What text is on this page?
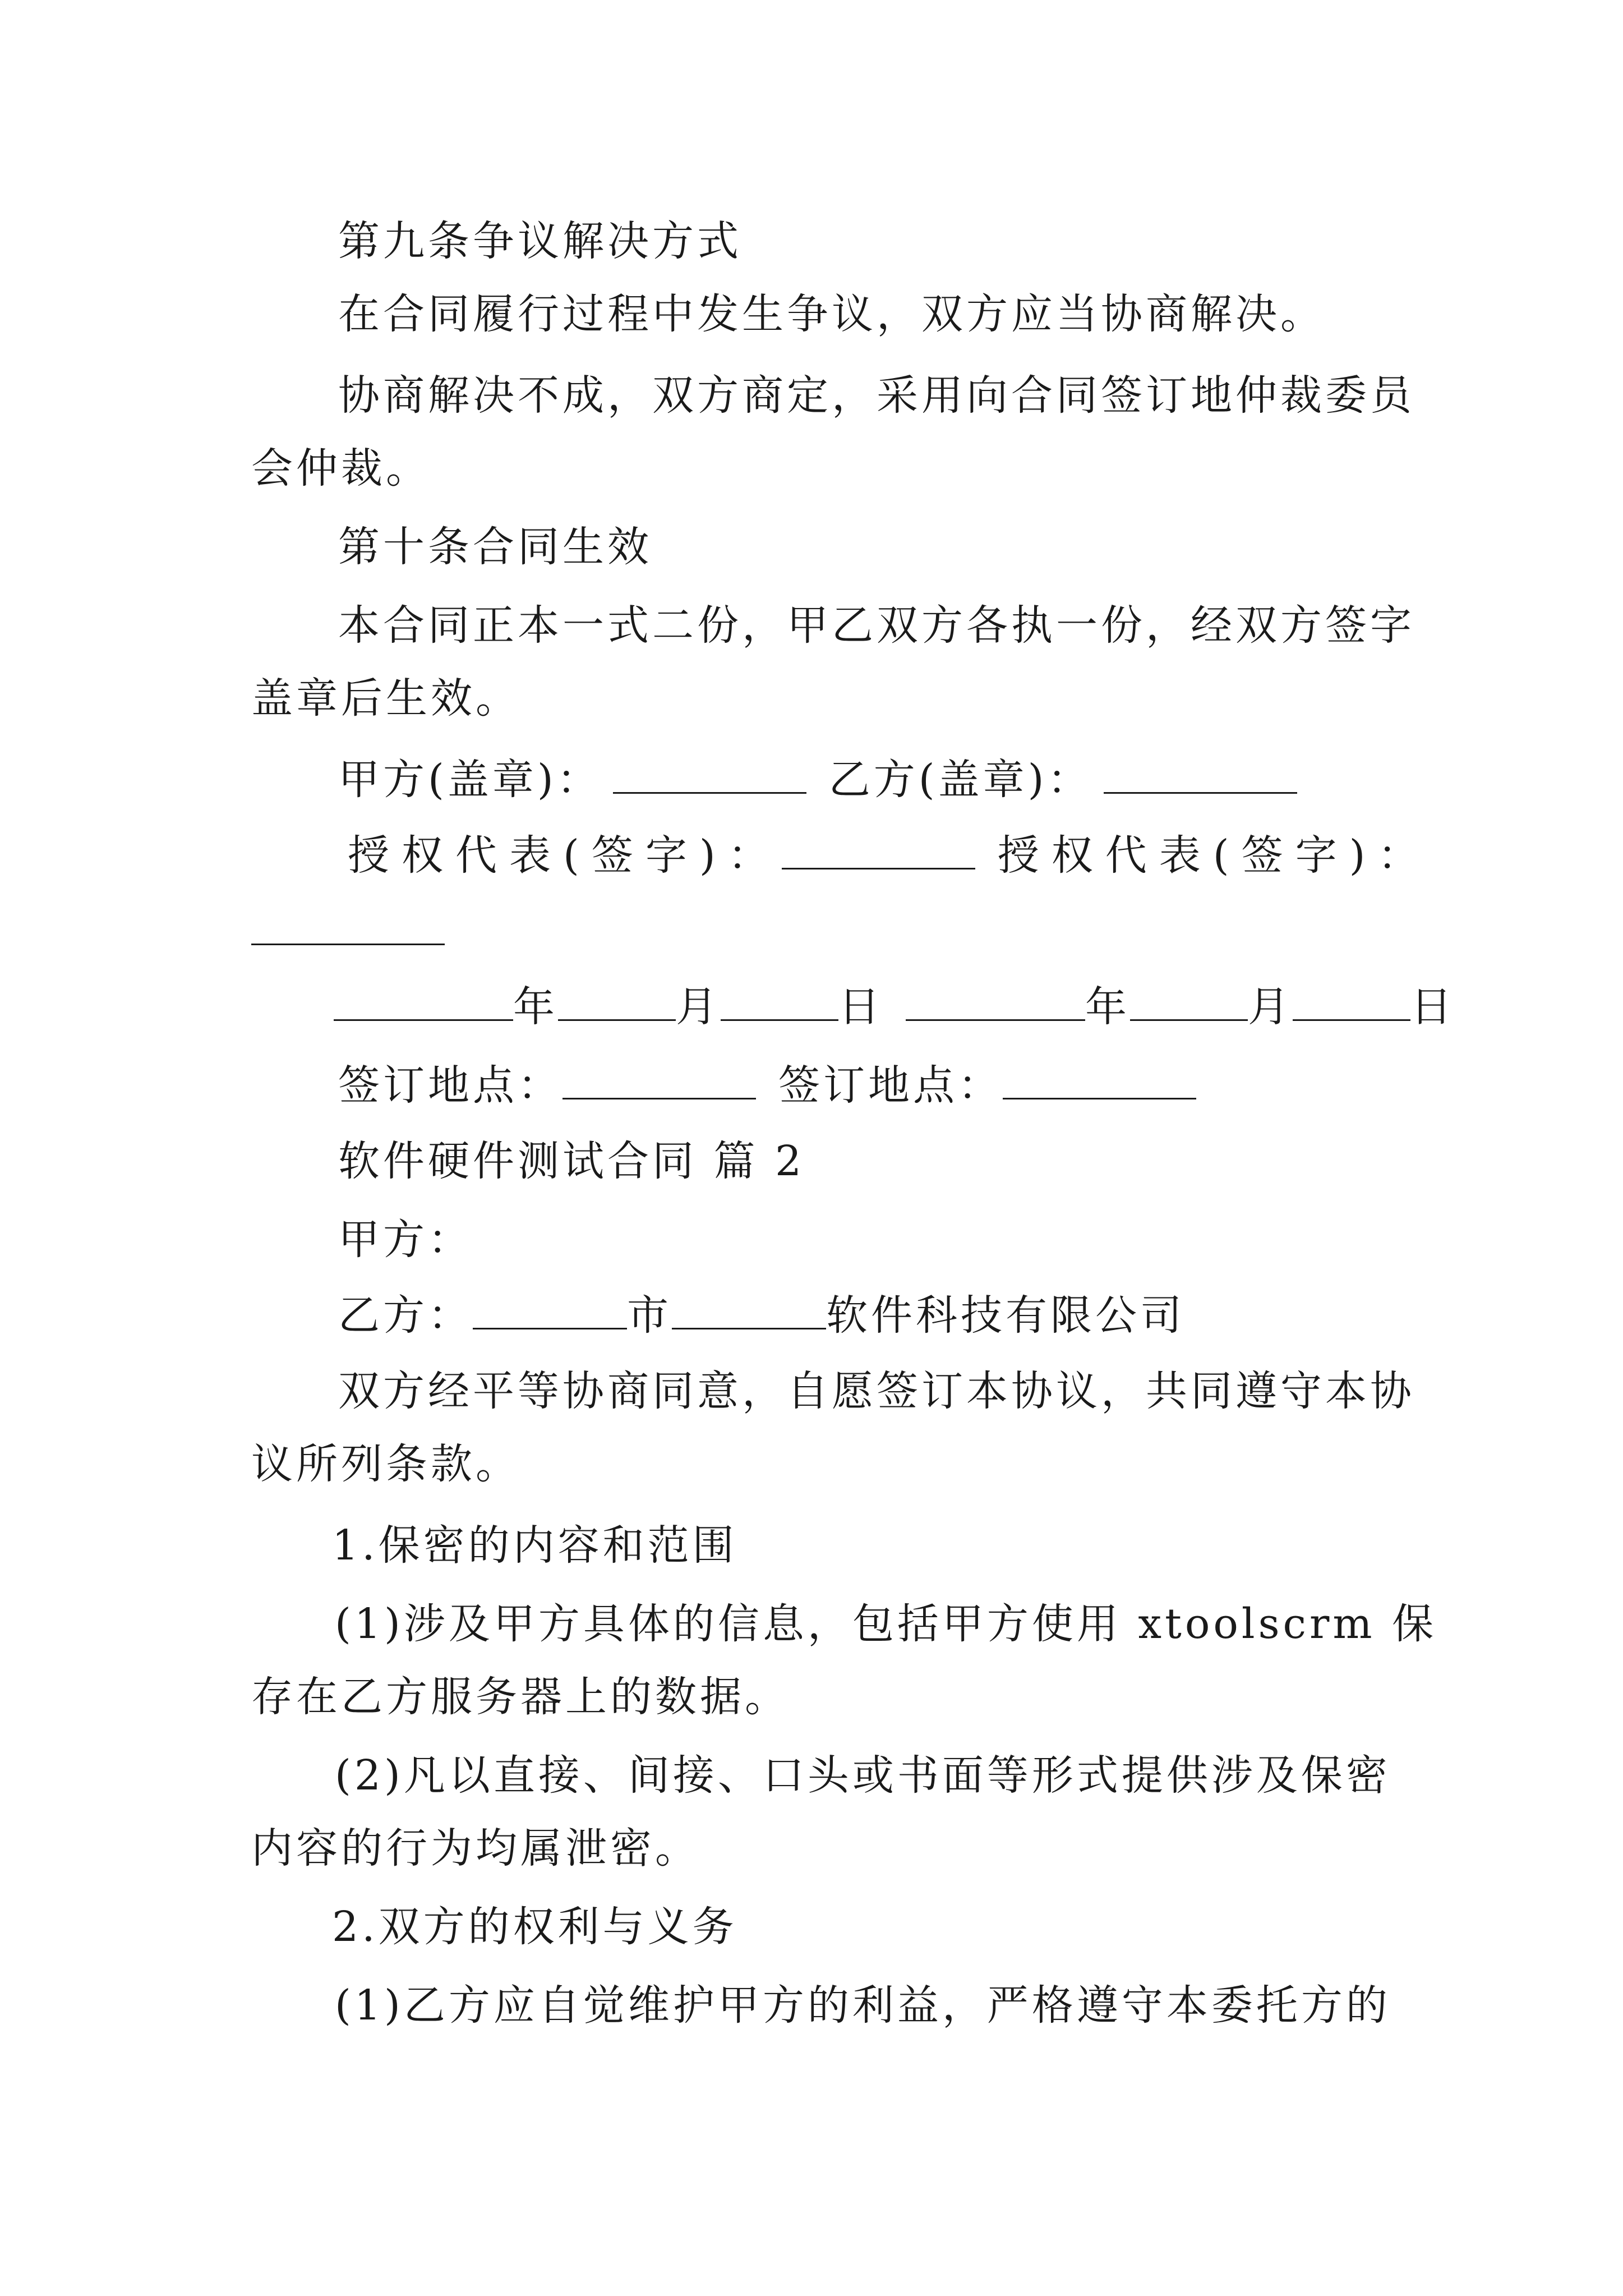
第九条争议解决方式
在合同履行过程中发生争议，双方应当协商解决。
协商解决不成，双方商定，采用向合同签订地仲裁委员
会仲裁。
第十条合同生效
本合同正本一式二份，甲乙双方各执一份，经双方签字
盖章后生效。
甲方(盖章)：	乙方(盖章)：
授权代表(签字)：	授权代表(签字)：
年	月	日	年	月	日
签订地点：	签订地点：
软件硬件测试合同 篇 2
甲方：
乙方：	市	软件科技有限公司
双方经平等协商同意，自愿签订本协议，共同遵守本协
议所列条款。
1.保密的内容和范围
(1)涉及甲方具体的信息，包括甲方使用 xtoolscrm 保
存在乙方服务器上的数据。
(2)凡以直接、间接、口头或书面等形式提供涉及保密
内容的行为均属泄密。
2.双方的权利与义务
(1)乙方应自觉维护甲方的利益，严格遵守本委托方的
